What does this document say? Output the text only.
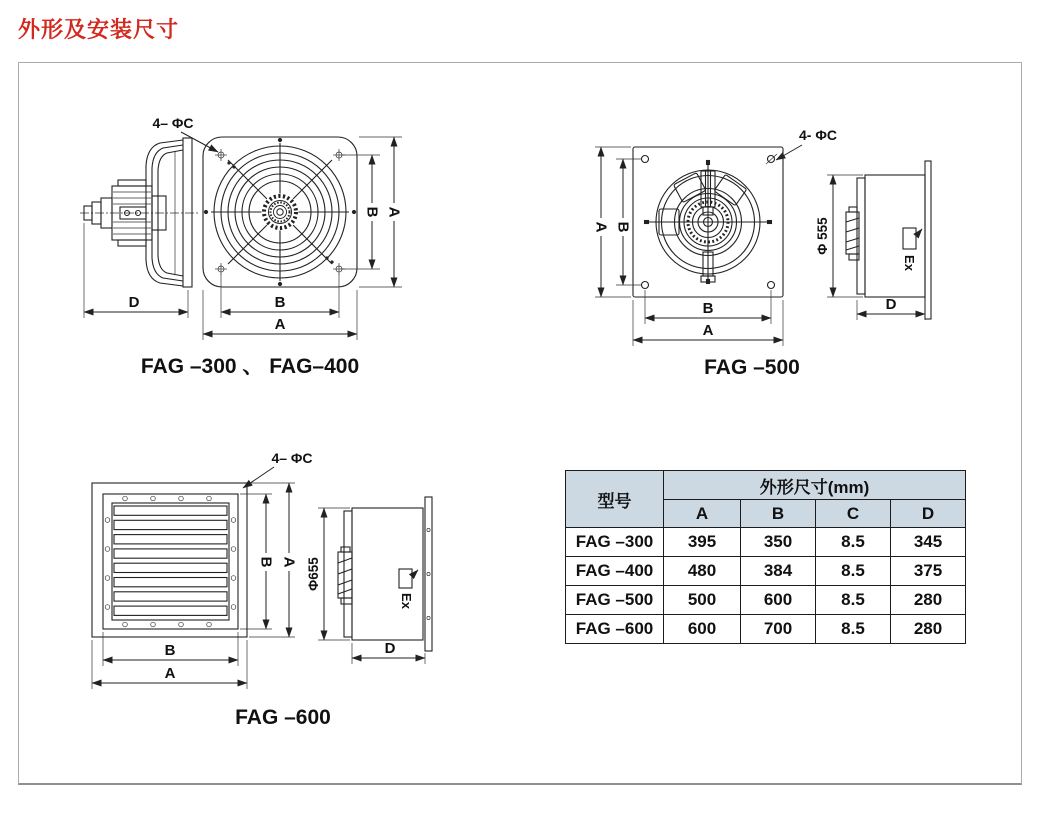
外形及安装尺寸
B A
B
A
D
4– ΦC
FAG –300 、 FAG–400
A B
B
A
4- ΦC
Ex
Φ 555
D
FAG –500
4– ΦC
B A
B
A
Ex
Φ655
D
FAG –600
型号	外形尺寸(mm)			
	A	B	C	D
FAG –300	395	350	8.5	345
FAG –400	480	384	8.5	375
FAG –500	500	600	8.5	280
FAG –600	600	700	8.5	280
